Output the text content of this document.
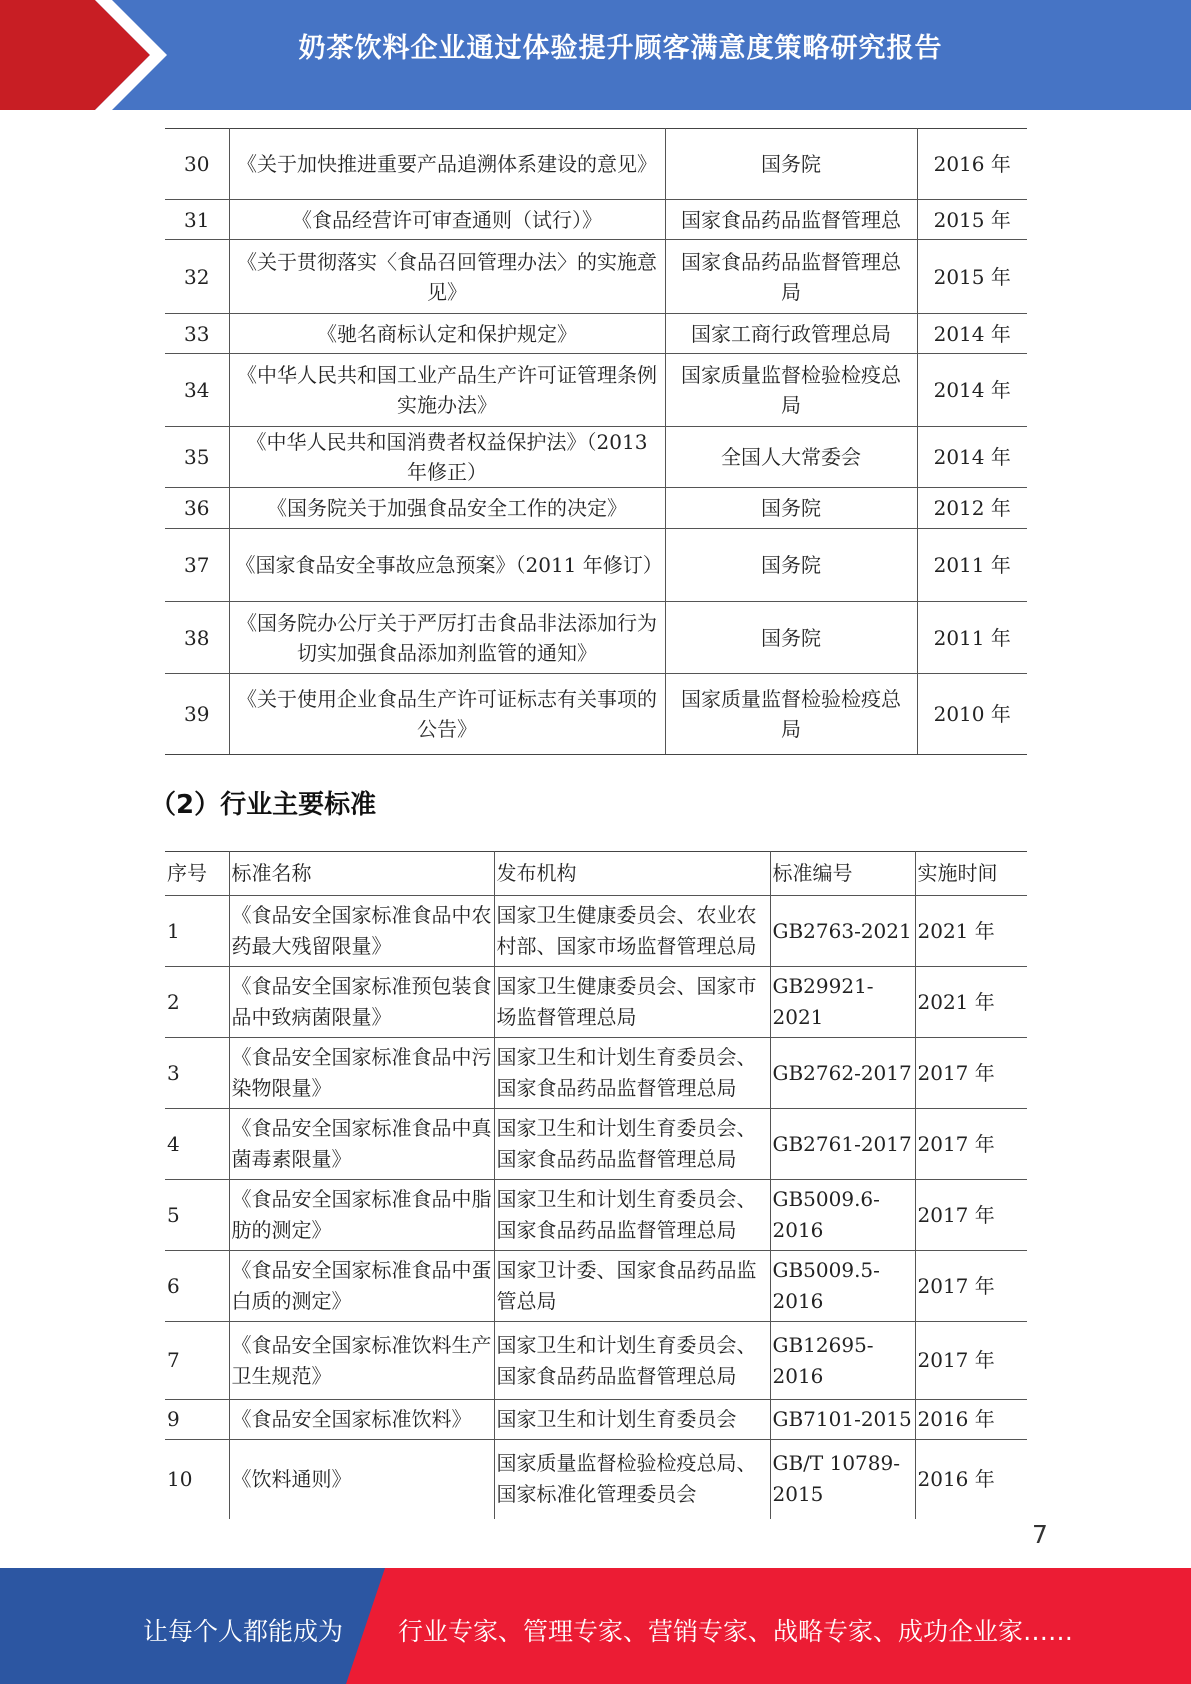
奶茶饮料企业通过体验提升顾客满意度策略研究报告
30	《关于加快推进重要产品追溯体系建设的意见》	国务院	2016 年
31	《食品经营许可审查通则（试行）》	国家食品药品监督管理总	2015 年
32	《关于贯彻落实〈食品召回管理办法〉的实施意见》	国家食品药品监督管理总局	2015 年
33	《驰名商标认定和保护规定》	国家工商行政管理总局	2014 年
34	《中华人民共和国工业产品生产许可证管理条例实施办法》	国家质量监督检验检疫总局	2014 年
35	《中华人民共和国消费者权益保护法》（2013 年修正）	全国人大常委会	2014 年
36	《国务院关于加强食品安全工作的决定》	国务院	2012 年
37	《国家食品安全事故应急预案》（2011 年修订）	国务院	2011 年
38	《国务院办公厅关于严厉打击食品非法添加行为切实加强食品添加剂监管的通知》	国务院	2011 年
39	《关于使用企业食品生产许可证标志有关事项的公告》	国家质量监督检验检疫总局	2010 年
（2）行业主要标准
序号	标准名称	发布机构	标准编号	实施时间
1	《食品安全国家标准食品中农药最大残留限量》	国家卫生健康委员会、农业农村部、国家市场监督管理总局	GB2763-2021	2021 年
2	《食品安全国家标准预包装食品中致病菌限量》	国家卫生健康委员会、国家市场监督管理总局	GB29921-2021	2021 年
3	《食品安全国家标准食品中污染物限量》	国家卫生和计划生育委员会、国家食品药品监督管理总局	GB2762-2017	2017 年
4	《食品安全国家标准食品中真菌毒素限量》	国家卫生和计划生育委员会、国家食品药品监督管理总局	GB2761-2017	2017 年
5	《食品安全国家标准食品中脂肪的测定》	国家卫生和计划生育委员会、国家食品药品监督管理总局	GB5009.6-2016	2017 年
6	《食品安全国家标准食品中蛋白质的测定》	国家卫计委、国家食品药品监管总局	GB5009.5-2016	2017 年
7	《食品安全国家标准饮料生产卫生规范》	国家卫生和计划生育委员会、国家食品药品监督管理总局	GB12695-2016	2017 年
9	《食品安全国家标准饮料》	国家卫生和计划生育委员会	GB7101-2015	2016 年
10	《饮料通则》	国家质量监督检验检疫总局、国家标准化管理委员会	GB/T 10789-2015	2016 年
7
让每个人都能成为 行业专家、管理专家、营销专家、战略专家、成功企业家……
